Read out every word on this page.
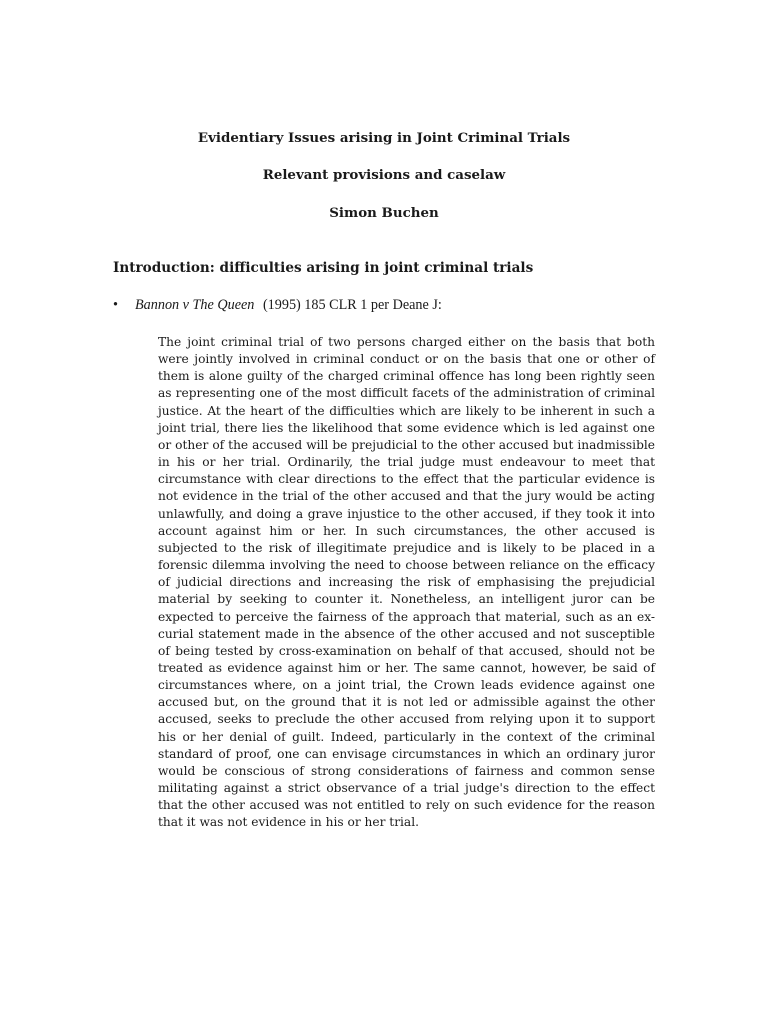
Evidentiary Issues arising in Joint Criminal Trials
Relevant provisions and caselaw
Simon Buchen
Introduction: difficulties arising in joint criminal trials
• Bannon v The Queen (1995) 185 CLR 1 per Deane J:

The joint criminal trial of two persons charged either on the basis that both were jointly involved in criminal conduct or on the basis that one or other of them is alone guilty of the charged criminal offence has long been rightly seen as representing one of the most difficult facets of the administration of criminal justice. At the heart of the difficulties which are likely to be inherent in such a joint trial, there lies the likelihood that some evidence which is led against one or other of the accused will be prejudicial to the other accused but inadmissible in his or her trial. Ordinarily, the trial judge must endeavour to meet that circumstance with clear directions to the effect that the particular evidence is not evidence in the trial of the other accused and that the jury would be acting unlawfully, and doing a grave injustice to the other accused, if they took it into account against him or her. In such circumstances, the other accused is subjected to the risk of illegitimate prejudice and is likely to be placed in a forensic dilemma involving the need to choose between reliance on the efficacy of judicial directions and increasing the risk of emphasising the prejudicial material by seeking to counter it. Nonetheless, an intelligent juror can be expected to perceive the fairness of the approach that material, such as an ex-curial statement made in the absence of the other accused and not susceptible of being tested by cross-examination on behalf of that accused, should not be treated as evidence against him or her. The same cannot, however, be said of circumstances where, on a joint trial, the Crown leads evidence against one accused but, on the ground that it is not led or admissible against the other accused, seeks to preclude the other accused from relying upon it to support his or her denial of guilt. Indeed, particularly in the context of the criminal standard of proof, one can envisage circumstances in which an ordinary juror would be conscious of strong considerations of fairness and common sense militating against a strict observance of a trial judge's direction to the effect that the other accused was not entitled to rely on such evidence for the reason that it was not evidence in his or her trial.
